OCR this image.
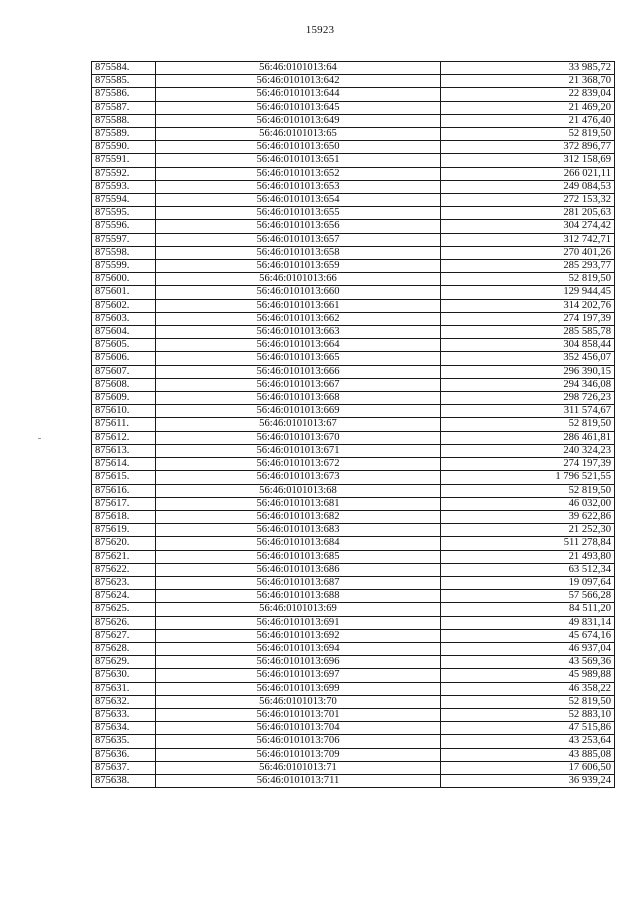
15923
875584.	56:46:0101013:64	33 985,72
875585.	56:46:0101013:642	21 368,70
875586.	56:46:0101013:644	22 839,04
875587.	56:46:0101013:645	21 469,20
875588.	56:46:0101013:649	21 476,40
875589.	56:46:0101013:65	52 819,50
875590.	56:46:0101013:650	372 896,77
875591.	56:46:0101013:651	312 158,69
875592.	56:46:0101013:652	266 021,11
875593.	56:46:0101013:653	249 084,53
875594.	56:46:0101013:654	272 153,32
875595.	56:46:0101013:655	281 205,63
875596.	56:46:0101013:656	304 274,42
875597.	56:46:0101013:657	312 742,71
875598.	56:46:0101013:658	270 401,26
875599.	56:46:0101013:659	285 293,77
875600.	56:46:0101013:66	52 819,50
875601.	56:46:0101013:660	129 944,45
875602.	56:46:0101013:661	314 202,76
875603.	56:46:0101013:662	274 197,39
875604.	56:46:0101013:663	285 585,78
875605.	56:46:0101013:664	304 858,44
875606.	56:46:0101013:665	352 456,07
875607.	56:46:0101013:666	296 390,15
875608.	56:46:0101013:667	294 346,08
875609.	56:46:0101013:668	298 726,23
875610.	56:46:0101013:669	311 574,67
875611.	56:46:0101013:67	52 819,50
875612.	56:46:0101013:670	286 461,81
875613.	56:46:0101013:671	240 324,23
875614.	56:46:0101013:672	274 197,39
875615.	56:46:0101013:673	1 796 521,55
875616.	56:46:0101013:68	52 819,50
875617.	56:46:0101013:681	46 032,00
875618.	56:46:0101013:682	39 622,86
875619.	56:46:0101013:683	21 252,30
875620.	56:46:0101013:684	511 278,84
875621.	56:46:0101013:685	21 493,80
875622.	56:46:0101013:686	63 512,34
875623.	56:46:0101013:687	19 097,64
875624.	56:46:0101013:688	57 566,28
875625.	56:46:0101013:69	84 511,20
875626.	56:46:0101013:691	49 831,14
875627.	56:46:0101013:692	45 674,16
875628.	56:46:0101013:694	46 937,04
875629.	56:46:0101013:696	43 569,36
875630.	56:46:0101013:697	45 989,88
875631.	56:46:0101013:699	46 358,22
875632.	56:46:0101013:70	52 819,50
875633.	56:46:0101013:701	52 883,10
875634.	56:46:0101013:704	47 515,86
875635.	56:46:0101013:706	43 253,64
875636.	56:46:0101013:709	43 885,08
875637.	56:46:0101013:71	17 606,50
875638.	56:46:0101013:711	36 939,24
